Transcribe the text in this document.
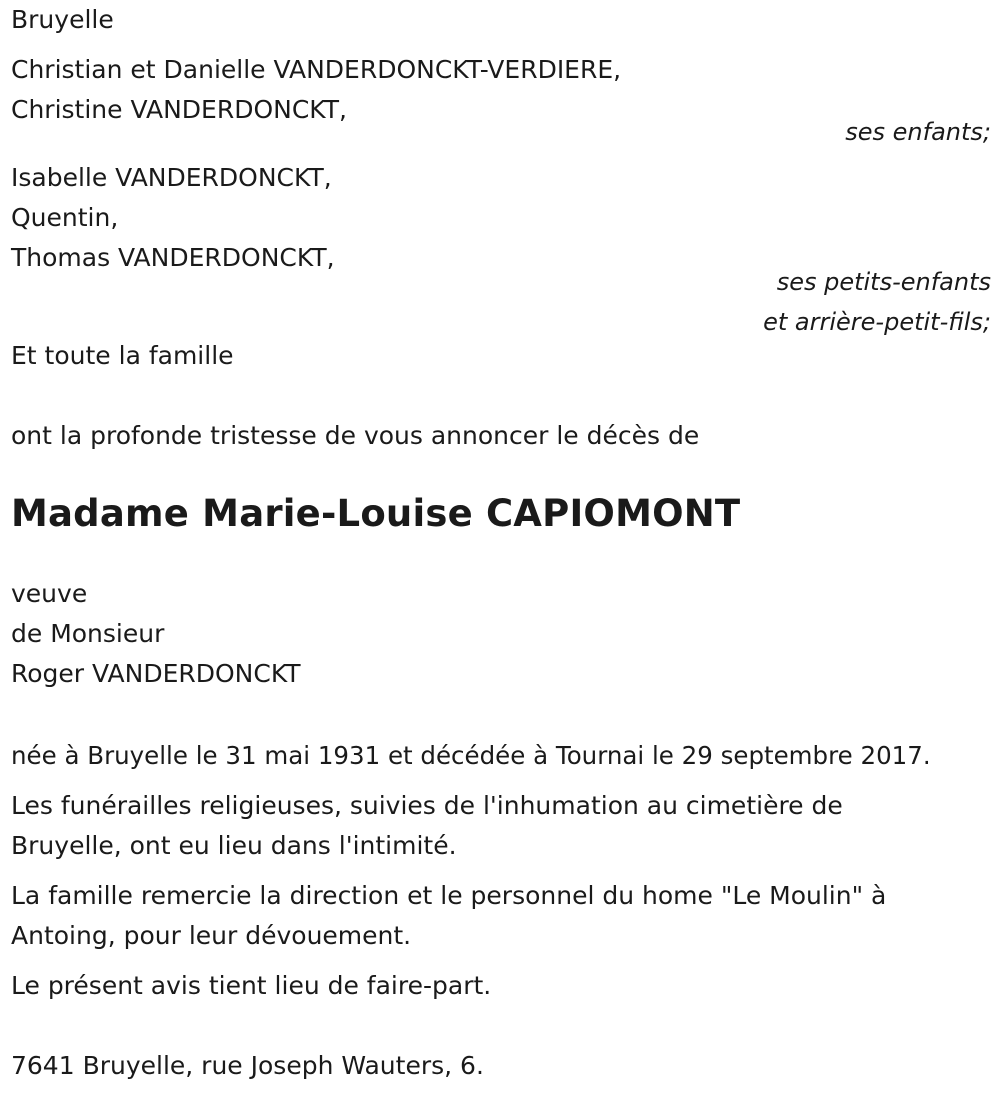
Bruyelle

Christian et Danielle VANDERDONCKT-VERDIERE,

Christine VANDERDONCKT,

ses enfants;

Isabelle VANDERDONCKT,

Quentin,

Thomas VANDERDONCKT,

ses petits-enfants

et arrière-petit-fils;

Et toute la famille

ont la profonde tristesse de vous annoncer le décès de

Madame Marie-Louise CAPIOMONT

veuve

de Monsieur

Roger VANDERDONCKT

née à Bruyelle le 31 mai 1931 et décédée à Tournai le 29 septembre 2017.

Les funérailles religieuses, suivies de l'inhumation au cimetière de

Bruyelle, ont eu lieu dans l'intimité.

La famille remercie la direction et le personnel du home "Le Moulin" à

Antoing, pour leur dévouement.

Le présent avis tient lieu de faire-part.

7641 Bruyelle, rue Joseph Wauters, 6.
